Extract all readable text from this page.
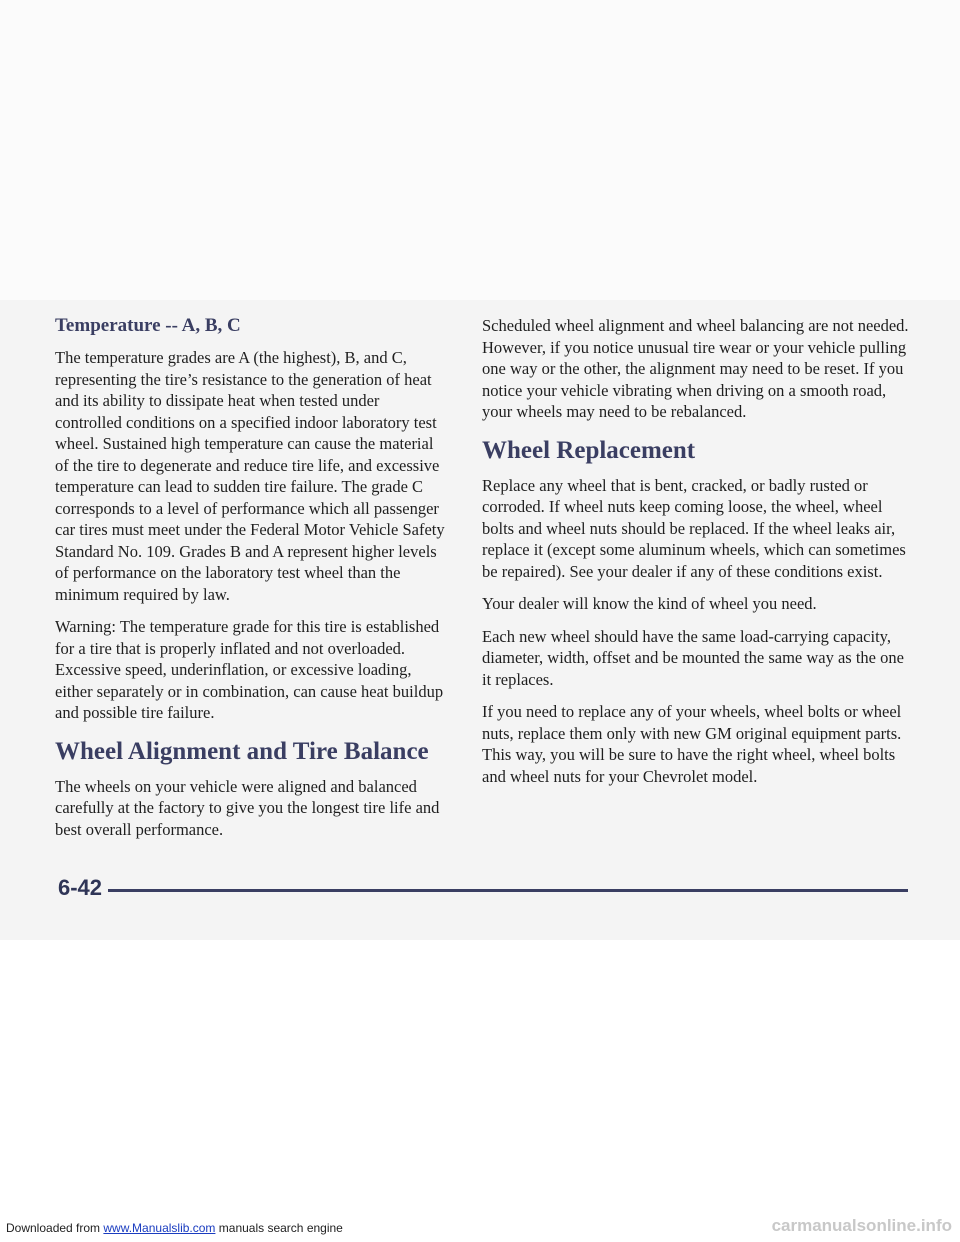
Temperature -- A, B, C

The temperature grades are A (the highest), B, and C, representing the tire’s resistance to the generation of heat and its ability to dissipate heat when tested under controlled conditions on a specified indoor laboratory test wheel. Sustained high temperature can cause the material of the tire to degenerate and reduce tire life, and excessive temperature can lead to sudden tire failure. The grade C corresponds to a level of performance which all passenger car tires must meet under the Federal Motor Vehicle Safety Standard No. 109. Grades B and A represent higher levels of performance on the laboratory test wheel than the minimum required by law.

Warning: The temperature grade for this tire is established for a tire that is properly inflated and not overloaded. Excessive speed, underinflation, or excessive loading, either separately or in combination, can cause heat buildup and possible tire failure.

Wheel Alignment and Tire Balance

The wheels on your vehicle were aligned and balanced carefully at the factory to give you the longest tire life and best overall performance.

Scheduled wheel alignment and wheel balancing are not needed. However, if you notice unusual tire wear or your vehicle pulling one way or the other, the alignment may need to be reset. If you notice your vehicle vibrating when driving on a smooth road, your wheels may need to be rebalanced.

Wheel Replacement

Replace any wheel that is bent, cracked, or badly rusted or corroded. If wheel nuts keep coming loose, the wheel, wheel bolts and wheel nuts should be replaced. If the wheel leaks air, replace it (except some aluminum wheels, which can sometimes be repaired). See your dealer if any of these conditions exist.

Your dealer will know the kind of wheel you need.

Each new wheel should have the same load-carrying capacity, diameter, width, offset and be mounted the same way as the one it replaces.

If you need to replace any of your wheels, wheel bolts or wheel nuts, replace them only with new GM original equipment parts. This way, you will be sure to have the right wheel, wheel bolts and wheel nuts for your Chevrolet model.

6-42
Downloaded from www.Manualslib.com manuals search engine	carmanualsonline.info
